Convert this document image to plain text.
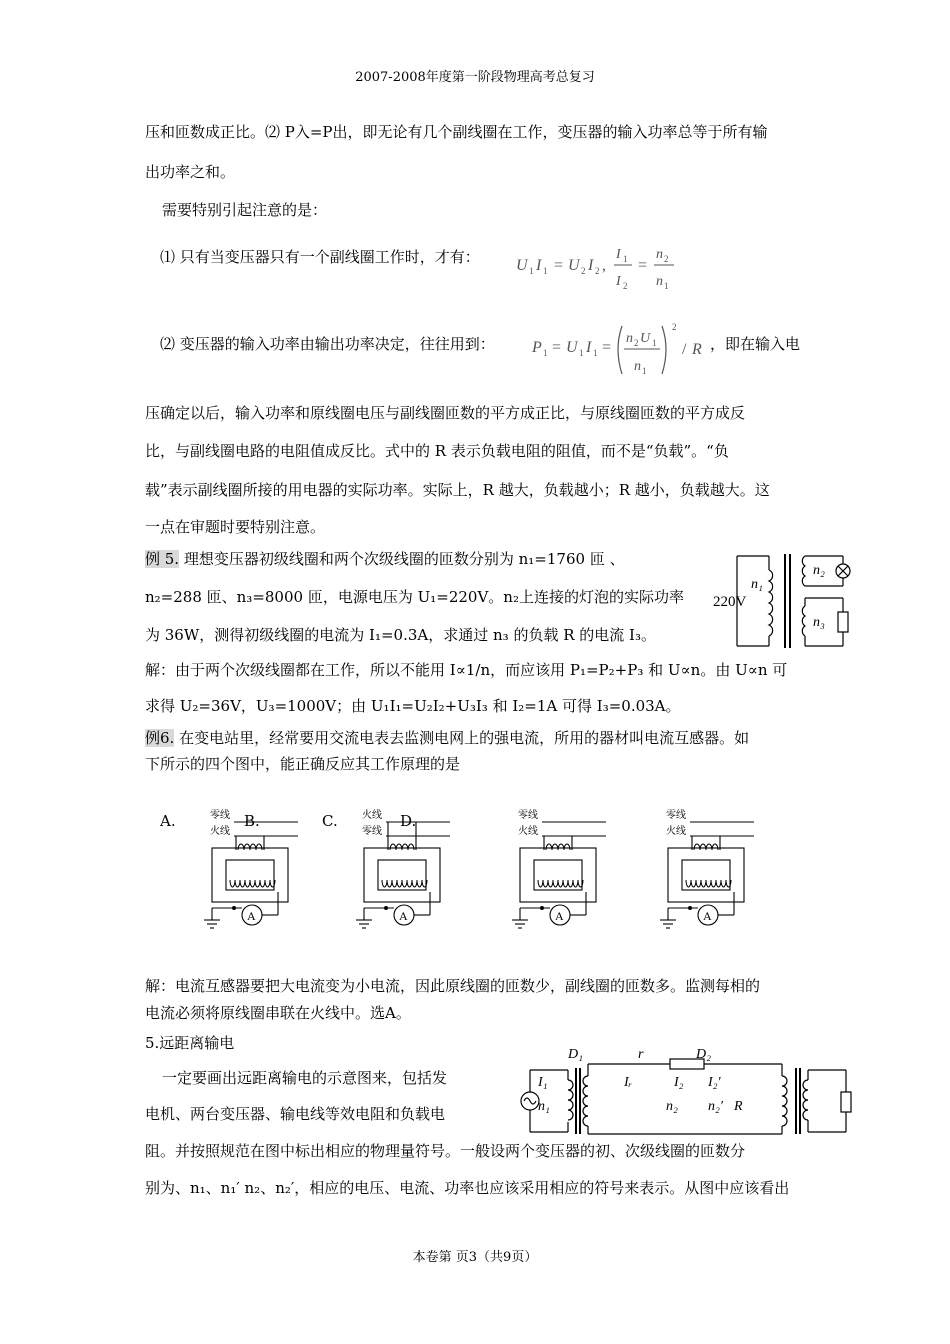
2007-2008年度第一阶段物理高考总复习
压和匝数成正比。⑵ P入=P出，即无论有几个副线圈在工作，变压器的输入功率总等于所有输
出功率之和。
需要特别引起注意的是：
⑴ 只有当变压器只有一个副线圈工作时，才有： U 1 I 1 = U 2 I 2 ,
I 1
I 2
=
n 2
n 1
⑵ 变压器的输入功率由输出功率决定，往往用到： P 1 = U 1 I 1 =
n 2 U 1
n 1
2
/ R ，即在输入电
压确定以后，输入功率和原线圈电压与副线圈匝数的平方成正比，与原线圈匝数的平方成反
比，与副线圈电路的电阻值成反比。式中的 R 表示负载电阻的阻值，而不是“负载”。“负
载”表示副线圈所接的用电器的实际功率。实际上，R 越大，负载越小；R 越小，负载越大。这
一点在审题时要特别注意。
例 5. 理想变压器初级线圈和两个次级线圈的匝数分别为 n₁=1760 匝 、
n₂=288 匝、n₃=8000 匝，电源电压为 U₁=220V。n₂上连接的灯泡的实际功率
为 36W，测得初级线圈的电流为 I₁=0.3A，求通过 n₃ 的负载 R 的电流 I₃。
220V
n₁
n₂
n₃
解：由于两个次级线圈都在工作，所以不能用 I∝1/n，而应该用 P₁=P₂+P₃ 和 U∝n。由 U∝n 可
求得 U₂=36V，U₃=1000V；由 U₁I₁=U₂I₂+U₃I₃ 和 I₂=1A 可得 I₃=0.03A。
例6. 在变电站里，经常要用交流电表去监测电网上的强电流，所用的器材叫电流互感器。如
下所示的四个图中，能正确反应其工作原理的是
A.	B.	C.	D.
零线
火线
A
火线
零线
A
零线
火线
A
零线
火线
A
解：电流互感器要把大电流变为小电流，因此原线圈的匝数少，副线圈的匝数多。监测每相的
电流必须将原线圈串联在火线中。选A。
5.远距离输电
一定要画出远距离输电的示意图来，包括发
电机、两台变压器、输电线等效电阻和负载电
阻。并按照规范在图中标出相应的物理量符号。一般设两个变压器的初、次级线圈的匝数分
别为、n₁、n₁′ n₂、n₂′，相应的电压、电流、功率也应该采用相应的符号来表示。从图中应该看出
D₁	r	D₂
I₁	Iᵣ	I₂ I₂′
n₁	n₂ n₂′ R
本卷第 页3（共9页）
